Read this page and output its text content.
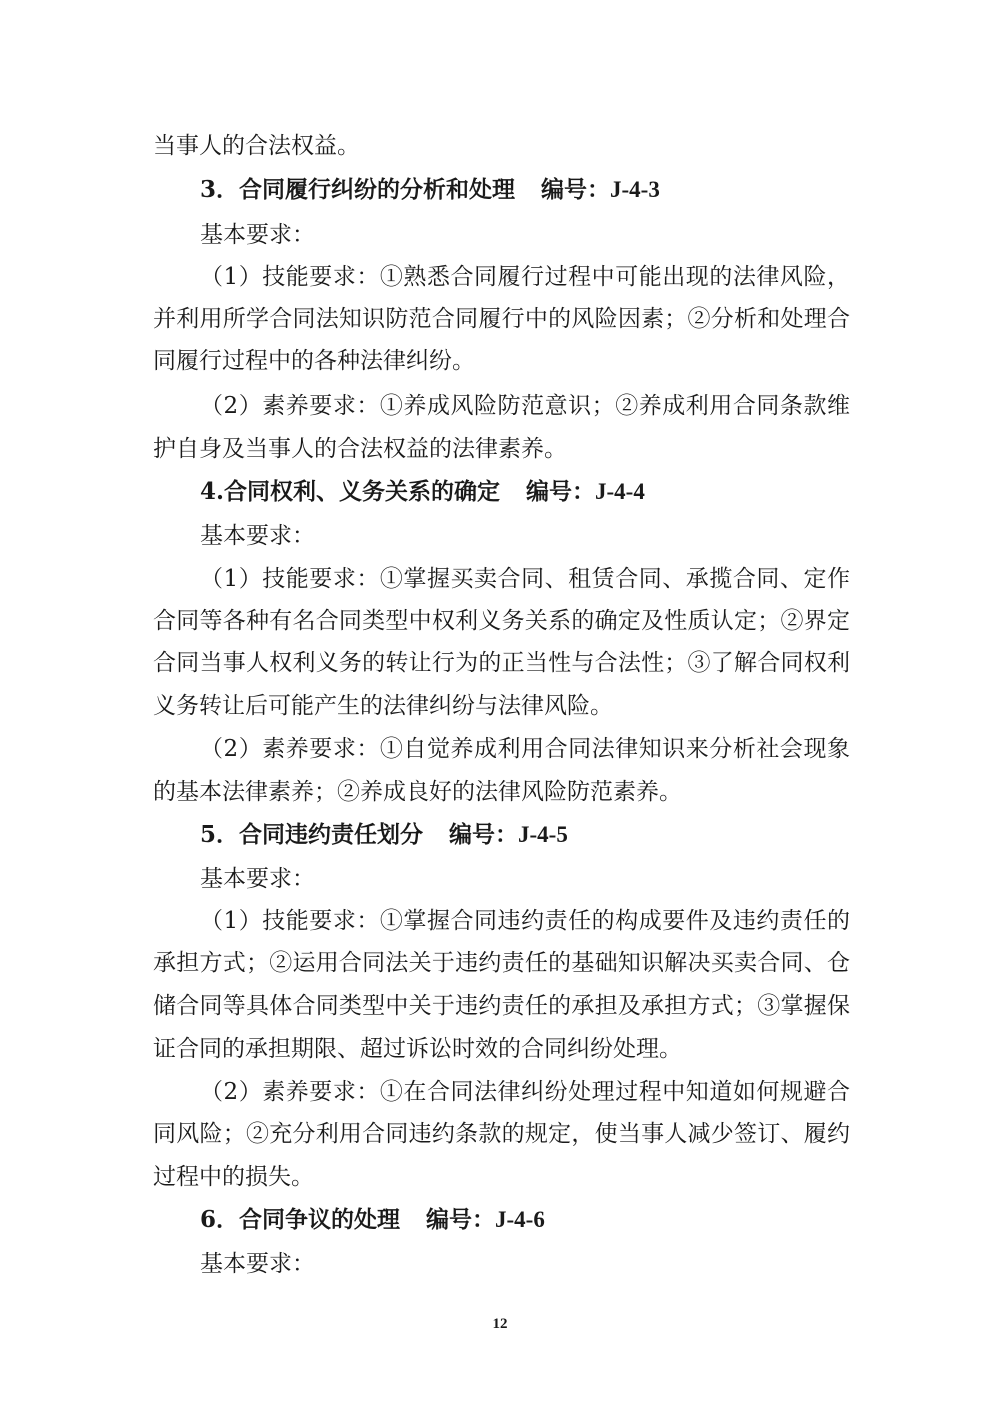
当事人的合法权益。
3．合同履行纠纷的分析和处理 编号：J-4-3
基本要求：
（1）技能要求：①熟悉合同履行过程中可能出现的法律风险，
并利用所学合同法知识防范合同履行中的风险因素；②分析和处理合
同履行过程中的各种法律纠纷。
（2）素养要求：①养成风险防范意识；②养成利用合同条款维
护自身及当事人的合法权益的法律素养。
4.合同权利、义务关系的确定 编号：J-4-4
基本要求：
（1）技能要求：①掌握买卖合同、租赁合同、承揽合同、定作
合同等各种有名合同类型中权利义务关系的确定及性质认定；②界定
合同当事人权利义务的转让行为的正当性与合法性；③了解合同权利
义务转让后可能产生的法律纠纷与法律风险。
（2）素养要求：①自觉养成利用合同法律知识来分析社会现象
的基本法律素养；②养成良好的法律风险防范素养。
5．合同违约责任划分 编号：J-4-5
基本要求：
（1）技能要求：①掌握合同违约责任的构成要件及违约责任的
承担方式；②运用合同法关于违约责任的基础知识解决买卖合同、仓
储合同等具体合同类型中关于违约责任的承担及承担方式；③掌握保
证合同的承担期限、超过诉讼时效的合同纠纷处理。
（2）素养要求：①在合同法律纠纷处理过程中知道如何规避合
同风险；②充分利用合同违约条款的规定，使当事人减少签订、履约
过程中的损失。
6．合同争议的处理 编号：J-4-6
基本要求：
12
